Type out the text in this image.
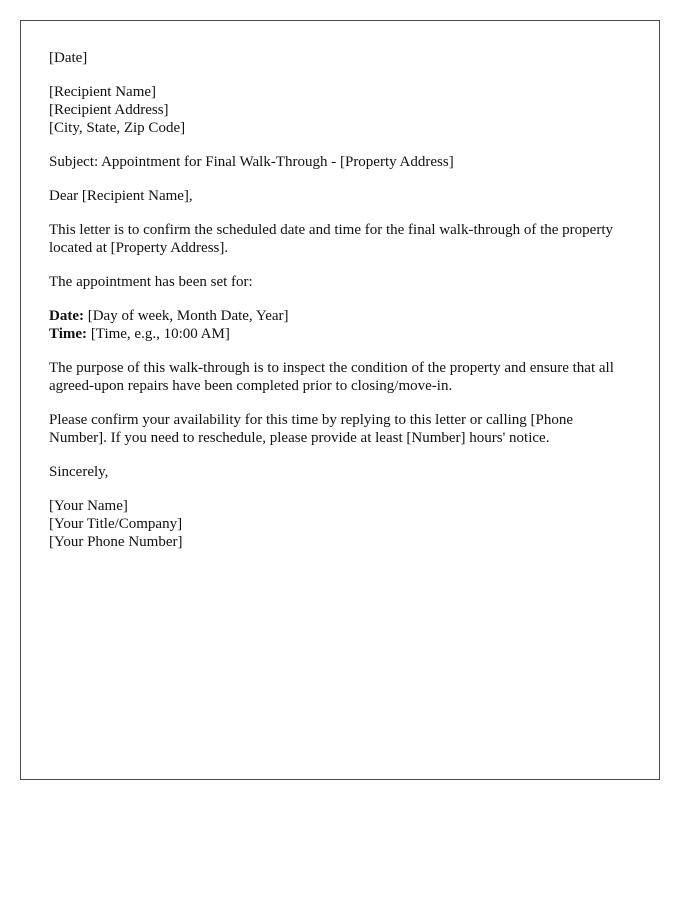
[Date]
[Recipient Name]
[Recipient Address]
[City, State, Zip Code]
Subject: Appointment for Final Walk-Through - [Property Address]
Dear [Recipient Name],

This letter is to confirm the scheduled date and time for the final walk-through of the property located at [Property Address].

The appointment has been set for:

Date: [Day of week, Month Date, Year]
Time: [Time, e.g., 10:00 AM]

The purpose of this walk-through is to inspect the condition of the property and ensure that all agreed-upon repairs have been completed prior to closing/move-in.

Please confirm your availability for this time by replying to this letter or calling [Phone Number]. If you need to reschedule, please provide at least [Number] hours' notice.

Sincerely,
[Your Name]
[Your Title/Company]
[Your Phone Number]
